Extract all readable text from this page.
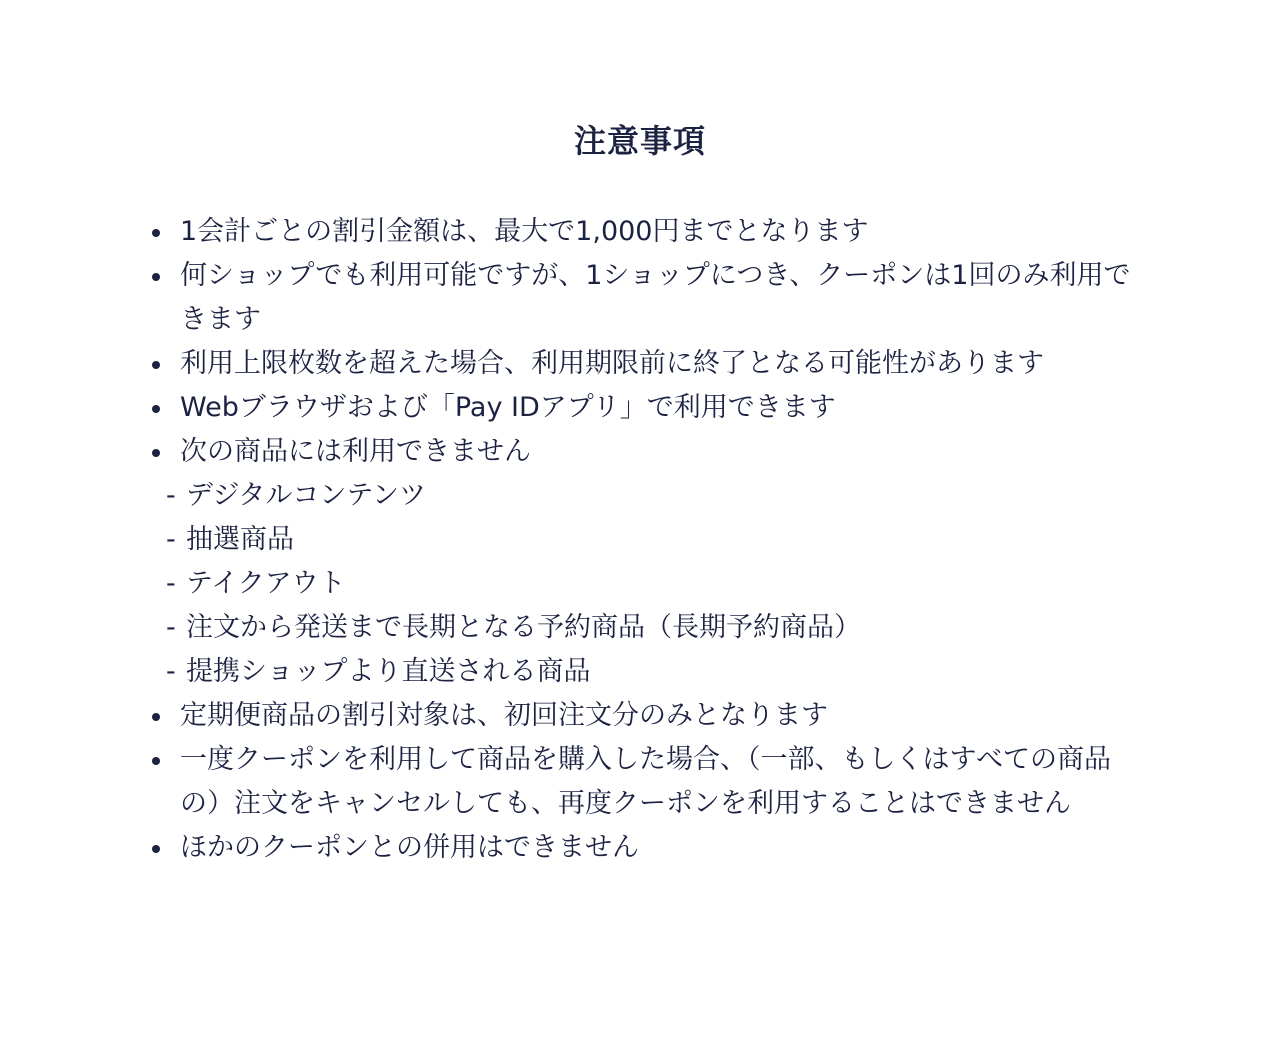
注意事項
1会計ごとの割引金額は、最大で1,000円までとなります
何ショップでも利用可能ですが、1ショップにつき、クーポンは1回のみ利用できます
利用上限枚数を超えた場合、利用期限前に終了となる可能性があります
Webブラウザおよび「Pay IDアプリ」で利用できます
次の商品には利用できません
- デジタルコンテンツ
- 抽選商品
- テイクアウト
- 注文から発送まで長期となる予約商品（長期予約商品）
- 提携ショップより直送される商品
定期便商品の割引対象は、初回注文分のみとなります
一度クーポンを利用して商品を購入した場合、（一部、もしくはすべての商品の）注文をキャンセルしても、再度クーポンを利用することはできません
ほかのクーポンとの併用はできません
